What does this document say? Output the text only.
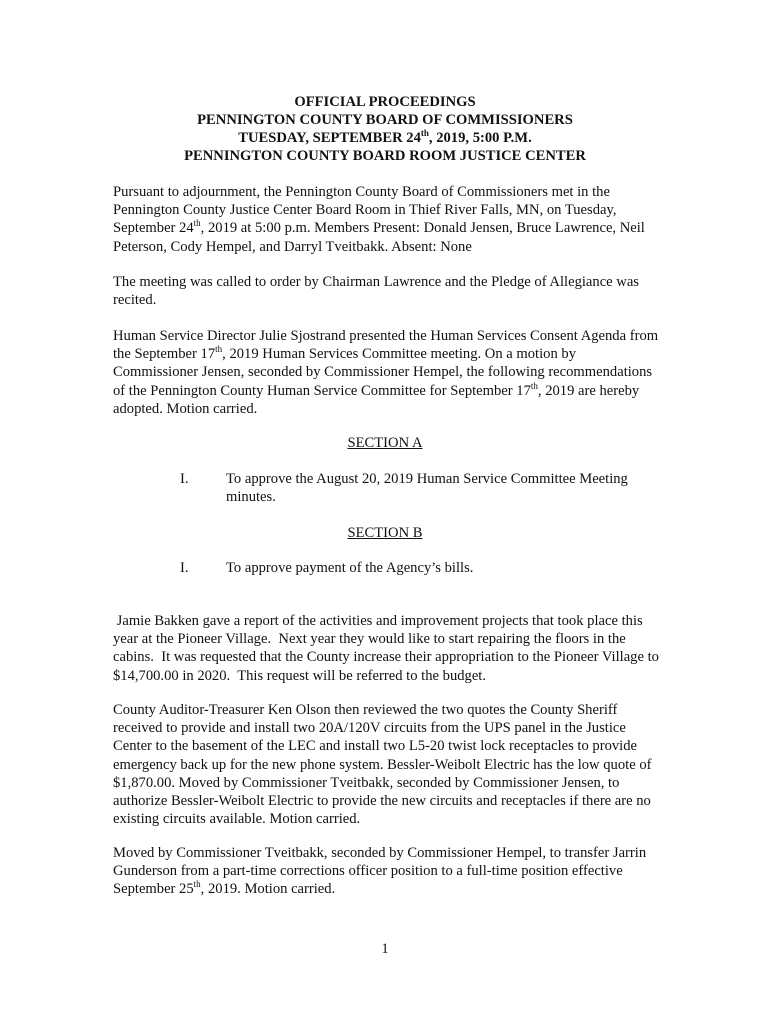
OFFICIAL PROCEEDINGS
PENNINGTON COUNTY BOARD OF COMMISSIONERS
TUESDAY, SEPTEMBER 24th, 2019, 5:00 P.M.
PENNINGTON COUNTY BOARD ROOM JUSTICE CENTER

Pursuant to adjournment, the Pennington County Board of Commissioners met in the Pennington County Justice Center Board Room in Thief River Falls, MN, on Tuesday, September 24th, 2019 at 5:00 p.m. Members Present: Donald Jensen, Bruce Lawrence, Neil Peterson, Cody Hempel, and Darryl Tveitbakk. Absent: None

The meeting was called to order by Chairman Lawrence and the Pledge of Allegiance was recited.

Human Service Director Julie Sjostrand presented the Human Services Consent Agenda from the September 17th, 2019 Human Services Committee meeting. On a motion by Commissioner Jensen, seconded by Commissioner Hempel, the following recommendations of the Pennington County Human Service Committee for September 17th, 2019 are hereby adopted. Motion carried.

SECTION A
I.	To approve the August 20, 2019 Human Service Committee Meeting minutes.
SECTION B
I.	To approve payment of the Agency’s bills.

Jamie Bakken gave a report of the activities and improvement projects that took place this year at the Pioneer Village.  Next year they would like to start repairing the floors in the cabins.  It was requested that the County increase their appropriation to the Pioneer Village to $14,700.00 in 2020.  This request will be referred to the budget.

County Auditor-Treasurer Ken Olson then reviewed the two quotes the County Sheriff received to provide and install two 20A/120V circuits from the UPS panel in the Justice Center to the basement of the LEC and install two L5-20 twist lock receptacles to provide emergency back up for the new phone system. Bessler-Weibolt Electric has the low quote of $1,870.00. Moved by Commissioner Tveitbakk, seconded by Commissioner Jensen, to authorize Bessler-Weibolt Electric to provide the new circuits and receptacles if there are no existing circuits available. Motion carried.

Moved by Commissioner Tveitbakk, seconded by Commissioner Hempel, to transfer Jarrin Gunderson from a part-time corrections officer position to a full-time position effective September 25th, 2019. Motion carried.

1
